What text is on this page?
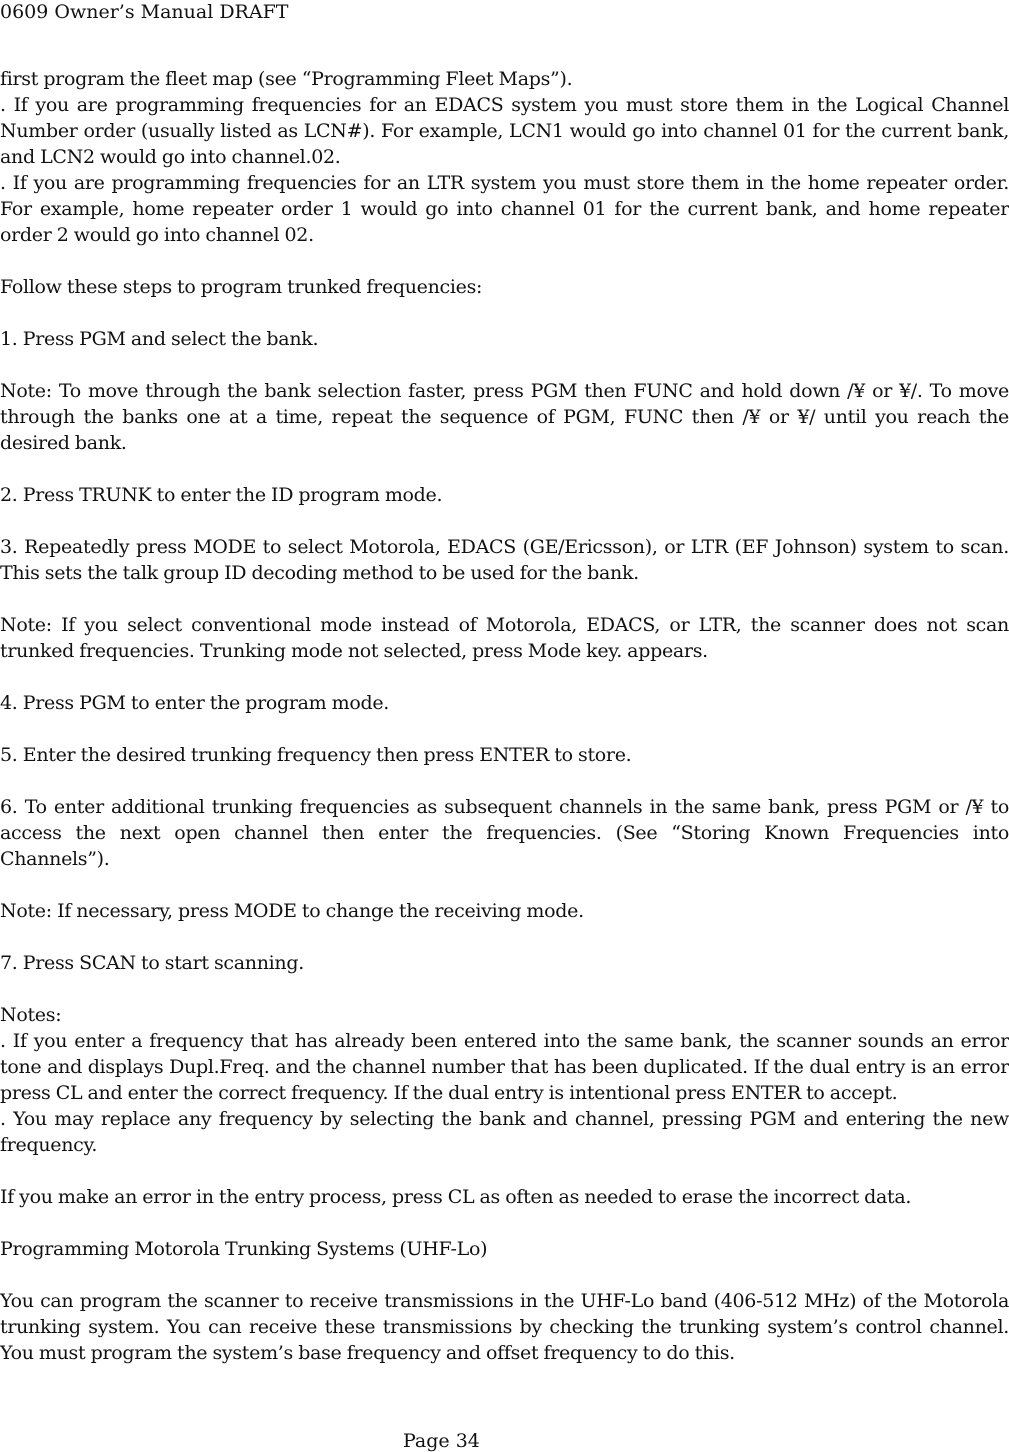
0609 Owner’s Manual DRAFT

first program the fleet map (see “Programming Fleet Maps”).

. If you are programming frequencies for an EDACS system you must store them in the Logical Channel Number order (usually listed as LCN#). For example, LCN1 would go into channel 01 for the current bank, and LCN2 would go into channel.02.

. If you are programming frequencies for an LTR system you must store them in the home repeater order. For example, home repeater order 1 would go into channel 01 for the current bank, and home repeater order 2 would go into channel 02.

Follow these steps to program trunked frequencies:

1. Press PGM and select the bank.

Note: To move through the bank selection faster, press PGM then FUNC and hold down /¥ or ¥/. To move through the banks one at a time, repeat the sequence of PGM, FUNC then /¥ or ¥/ until you reach the desired bank.

2. Press TRUNK to enter the ID program mode.

3. Repeatedly press MODE to select Motorola, EDACS (GE/Ericsson), or LTR (EF Johnson) system to scan. This sets the talk group ID decoding method to be used for the bank.

Note: If you select conventional mode instead of Motorola, EDACS, or LTR, the scanner does not scan trunked frequencies. Trunking mode not selected, press Mode key. appears.

4. Press PGM to enter the program mode.

5. Enter the desired trunking frequency then press ENTER to store.

6. To enter additional trunking frequencies as subsequent channels in the same bank, press PGM or /¥ to access the next open channel then enter the frequencies. (See “Storing Known Frequencies into Channels”).

Note: If necessary, press MODE to change the receiving mode.

7. Press SCAN to start scanning.

Notes:

. If you enter a frequency that has already been entered into the same bank, the scanner sounds an error tone and displays Dupl.Freq. and the channel number that has been duplicated. If the dual entry is an error press CL and enter the correct frequency. If the dual entry is intentional press ENTER to accept.

. You may replace any frequency by selecting the bank and channel, pressing PGM and entering the new frequency.

If you make an error in the entry process, press CL as often as needed to erase the incorrect data.

Programming Motorola Trunking Systems (UHF-Lo)

You can program the scanner to receive transmissions in the UHF-Lo band (406-512 MHz) of the Motorola trunking system. You can receive these transmissions by checking the trunking system’s control channel. You must program the system’s base frequency and offset frequency to do this.

Page 34
